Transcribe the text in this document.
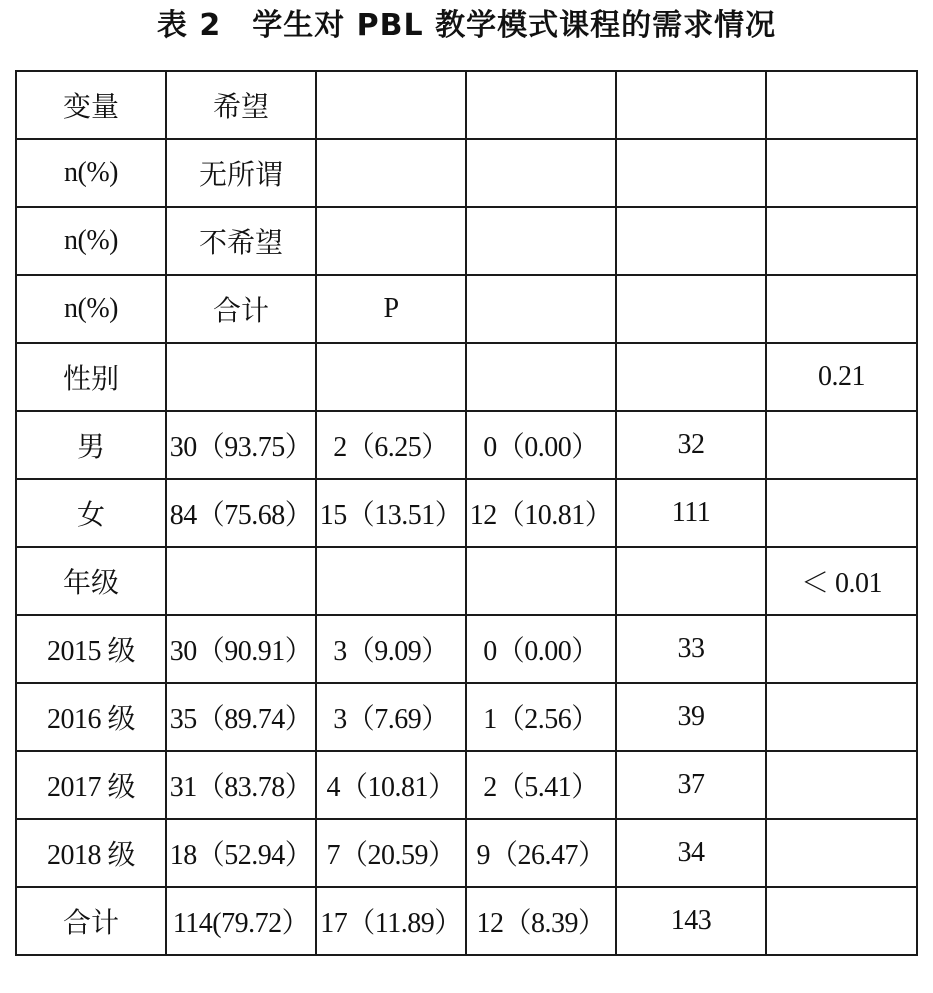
表 2　学生对 PBL 教学模式课程的需求情况
变量	希望				
n(%)	无所谓				
n(%)	不希望				
n(%)	合计	P			
性别					0.21
男	30（93.75）	2（6.25）	0（0.00）	32	
女	84（75.68）	15（13.51）	12（10.81）	111	
年级					＜ 0.01
2015 级	30（90.91）	3（9.09）	0（0.00）	33	
2016 级	35（89.74）	3（7.69）	1（2.56）	39	
2017 级	31（83.78）	4（10.81）	2（5.41）	37	
2018 级	18（52.94）	7（20.59）	9（26.47）	34	
合计	114(79.72）	17（11.89）	12（8.39）	143	
